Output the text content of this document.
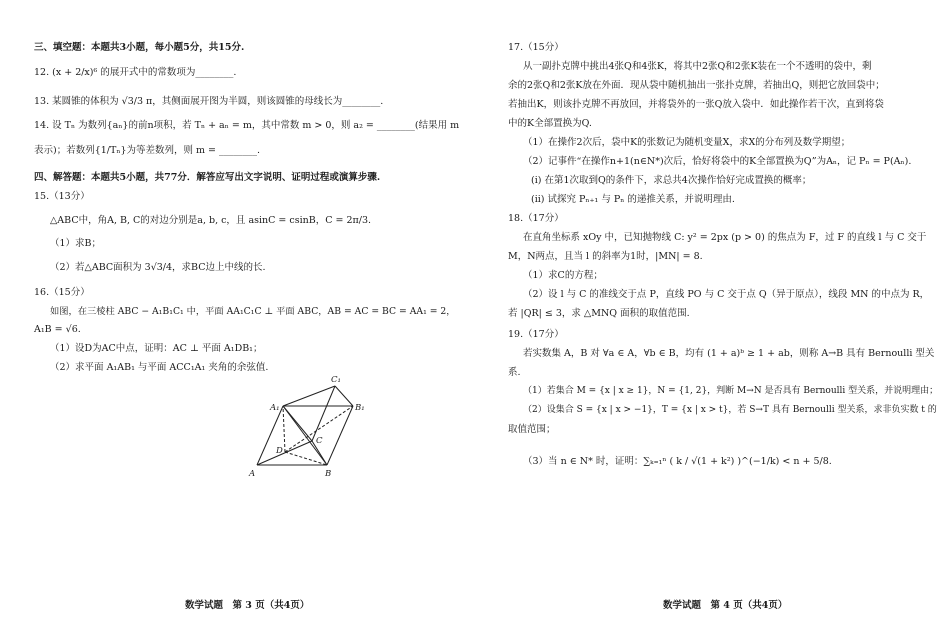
三、填空题：本题共3小题，每小题5分，共15分.
12. (x + 2/x)⁶ 的展开式中的常数项为________.
13. 某圆锥的体积为 √3/3 π，其侧面展开图为半圆，则该圆锥的母线长为________.
14. 设 Tₙ 为数列{aₙ}的前n项积，若 Tₙ + aₙ = m，其中常数 m > 0，则 a₂ = ________(结果用 m
表示)；若数列{1/Tₙ}为等差数列，则 m = ________.
四、解答题：本题共5小题，共77分．解答应写出文字说明、证明过程或演算步骤.
15.（13分）
△ABC中，角A, B, C的对边分别是a, b, c，且 asinC = csinB，C = 2π/3.
（1）求B；
（2）若△ABC面积为 3√3/4，求BC边上中线的长.
16.（15分）
如图，在三棱柱 ABC − A₁B₁C₁ 中，平面 AA₁C₁C ⊥ 平面 ABC，AB = AC = BC = AA₁ = 2，
A₁B = √6.
（1）设D为AC中点，证明：AC ⊥ 平面 A₁DB₁；
（2）求平面 A₁AB₁ 与平面 ACC₁A₁ 夹角的余弦值.
A	B
C
D
A₁	B₁
C₁
数学试题　第 3 页（共4页）
17.（15分）
从一副扑克牌中挑出4张Q和4张K，将其中2张Q和2张K装在一个不透明的袋中，剩
余的2张Q和2张K放在外面．现从袋中随机抽出一张扑克牌，若抽出Q，则把它放回袋中；
若抽出K，则该扑克牌不再放回，并将袋外的一张Q放入袋中．如此操作若干次，直到将袋
中的K全部置换为Q.
（1）在操作2次后，袋中K的张数记为随机变量X，求X的分布列及数学期望；
（2）记事件“在操作n+1(n∈N*)次后，恰好将袋中的K全部置换为Q”为Aₙ，记 Pₙ = P(Aₙ).
(i) 在第1次取到Q的条件下，求总共4次操作恰好完成置换的概率；
(ii) 试探究 Pₙ₊₁ 与 Pₙ 的递推关系，并说明理由.
18.（17分）
在直角坐标系 xOy 中，已知抛物线 C: y² = 2px (p > 0) 的焦点为 F，过 F 的直线 l 与 C 交于
M，N两点，且当 l 的斜率为1时，|MN| = 8.
（1）求C的方程；
（2）设 l 与 C 的准线交于点 P，直线 PO 与 C 交于点 Q（异于原点），线段 MN 的中点为 R，
若 |QR| ≤ 3，求 △MNQ 面积的取值范围.
19.（17分）
若实数集 A，B 对 ∀a ∈ A，∀b ∈ B，均有 (1 + a)ᵇ ≥ 1 + ab，则称 A→B 具有 Bernoulli 型关
系.
（1）若集合 M = {x | x ≥ 1}，N = {1, 2}，判断 M→N 是否具有 Bernoulli 型关系，并说明理由；
（2）设集合 S = {x | x > −1}，T = {x | x > t}，若 S→T 具有 Bernoulli 型关系，求非负实数 t 的
取值范围；
（3）当 n ∈ N* 时，证明：∑ₖ₌₁ⁿ ( k / √(1 + k²) )^(−1/k) < n + 5/8.
数学试题　第 4 页（共4页）
